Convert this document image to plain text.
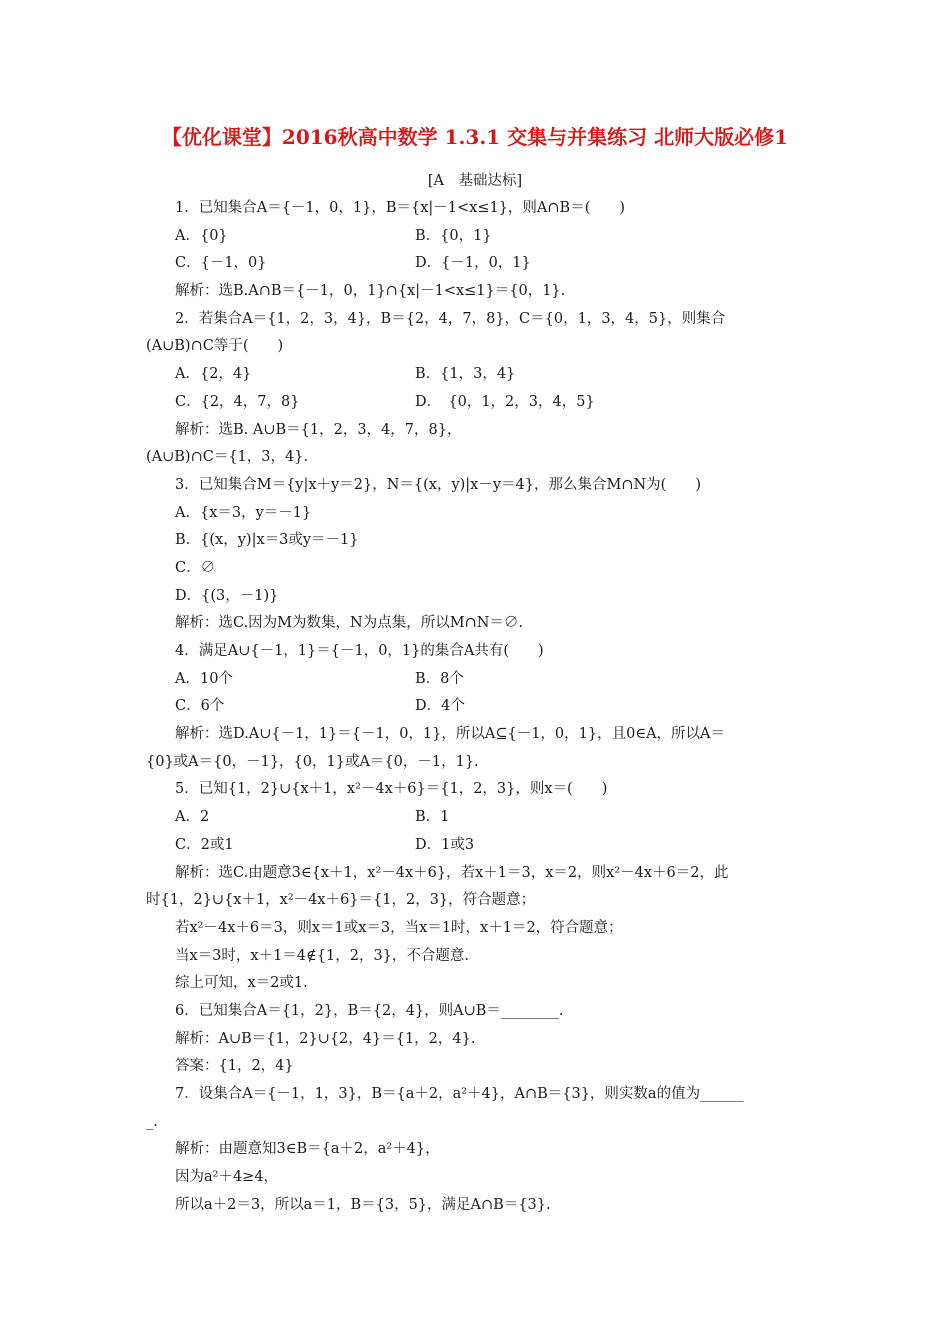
【优化课堂】2016秋高中数学 1.3.1 交集与并集练习 北师大版必修1
[A　基础达标]
1．已知集合A＝{－1，0，1}，B＝{x|－1<x≤1}，则A∩B＝(　　)
A．{0}	B．{0，1}
C．{－1，0}	D．{－1，0，1}
解析：选B.A∩B＝{－1，0，1}∩{x|－1<x≤1}＝{0，1}.
2．若集合A＝{1，2，3，4}，B＝{2，4，7，8}，C＝{0，1，3，4，5}，则集合
(A∪B)∩C等于(　　)
A．{2，4}	B．{1，3，4}
C．{2，4，7，8}	D．　{0，1，2，3，4，5}
解析：选B. A∪B＝{1，2，3，4，7，8}，
(A∪B)∩C＝{1，3，4}.
3．已知集合M＝{y|x＋y＝2}，N＝{(x，y)|x－y＝4}，那么集合M∩N为(　　)
A．{x＝3，y＝－1}
B．{(x，y)|x＝3或y＝－1}
C．∅
D．{(3，－1)}
解析：选C.因为M为数集，N为点集，所以M∩N＝∅.
4．满足A∪{－1，1}＝{－1，0，1}的集合A共有(　　)
A．10个	B．8个
C．6个	D．4个
解析：选D.A∪{－1，1}＝{－1，0，1}，所以A⊆{－1，0，1}，且0∈A，所以A＝
{0}或A＝{0，－1}，{0，1}或A＝{0，－1，1}.
5．已知{1，2}∪{x＋1，x²－4x＋6}＝{1，2，3}，则x＝(　　)
A．2	B．1
C．2或1	D．1或3
解析：选C.由题意3∈{x＋1，x²－4x＋6}，若x＋1＝3，x＝2，则x²－4x＋6＝2，此
时{1，2}∪{x＋1，x²－4x＋6}＝{1，2，3}，符合题意；
若x²－4x＋6＝3，则x＝1或x＝3，当x＝1时，x＋1＝2，符合题意；
当x＝3时，x＋1＝4∉{1，2，3}，不合题意.
综上可知，x＝2或1.
6．已知集合A＝{1，2}，B＝{2，4}，则A∪B＝________.
解析：A∪B＝{1，2}∪{2，4}＝{1，2，4}.
答案：{1，2，4}
7．设集合A＝{－1，1，3}，B＝{a＋2，a²＋4}，A∩B＝{3}，则实数a的值为______
_.
解析：由题意知3∈B＝{a＋2，a²＋4}，
因为a²＋4≥4，
所以a＋2＝3，所以a＝1，B＝{3，5}，满足A∩B＝{3}.
